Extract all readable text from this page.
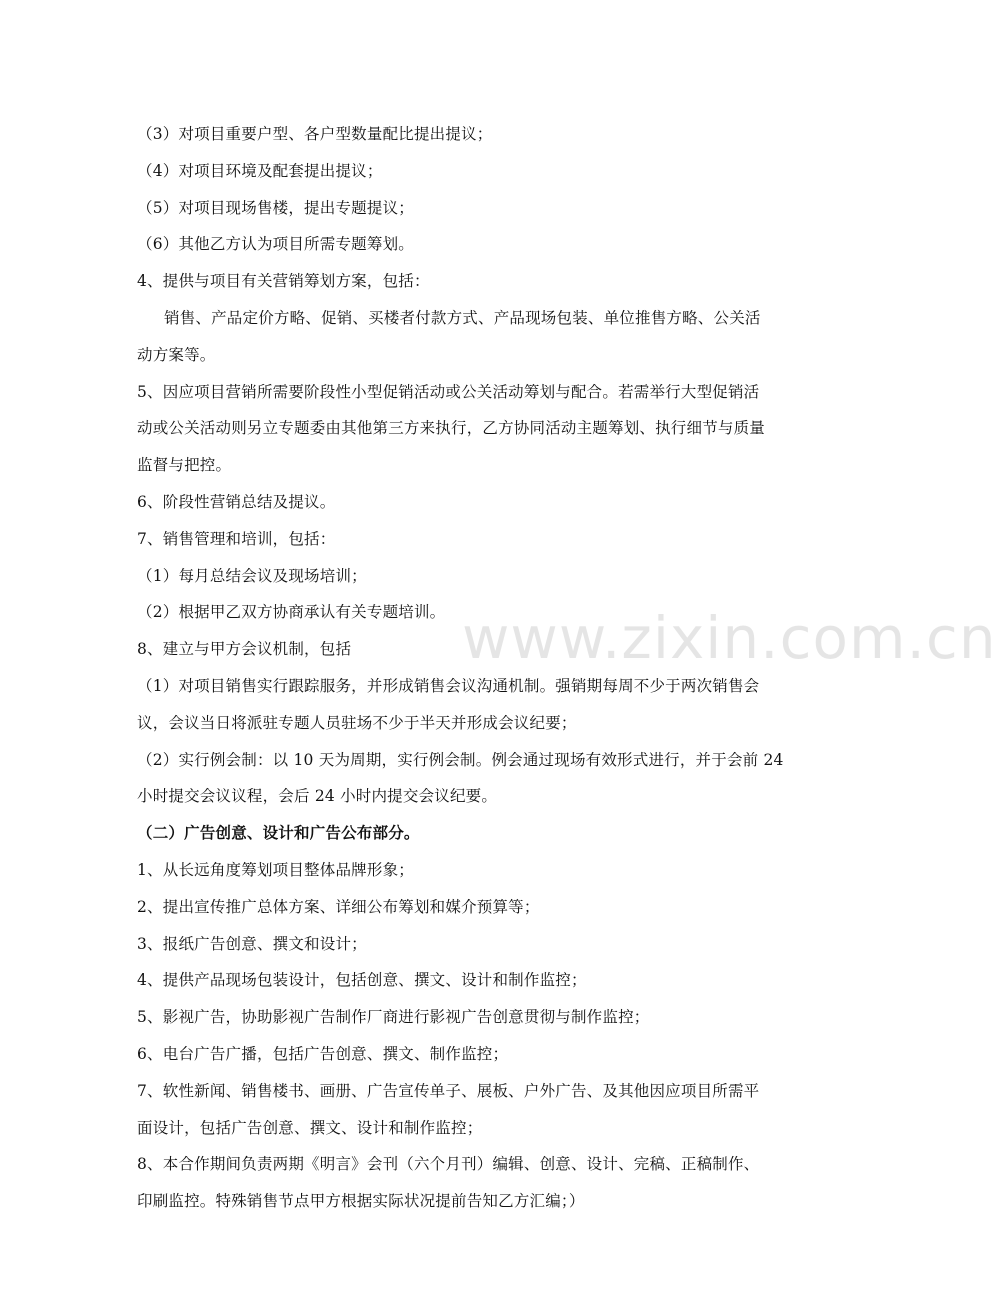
www.zixin.com.cn
（3）对项目重要户型、各户型数量配比提出提议；
（4）对项目环境及配套提出提议；
（5）对项目现场售楼，提出专题提议；
（6）其他乙方认为项目所需专题筹划。
4、提供与项目有关营销筹划方案，包括：
销售、产品定价方略、促销、买楼者付款方式、产品现场包装、单位推售方略、公关活
动方案等。
5、因应项目营销所需要阶段性小型促销活动或公关活动筹划与配合。若需举行大型促销活
动或公关活动则另立专题委由其他第三方来执行，乙方协同活动主题筹划、执行细节与质量
监督与把控。
6、阶段性营销总结及提议。
7、销售管理和培训，包括：
（1）每月总结会议及现场培训；
（2）根据甲乙双方协商承认有关专题培训。
8、建立与甲方会议机制，包括
（1）对项目销售实行跟踪服务，并形成销售会议沟通机制。强销期每周不少于两次销售会
议，会议当日将派驻专题人员驻场不少于半天并形成会议纪要；
（2）实行例会制：以 10 天为周期，实行例会制。例会通过现场有效形式进行，并于会前 24
小时提交会议议程，会后 24 小时内提交会议纪要。
（二）广告创意、设计和广告公布部分。
1、从长远角度筹划项目整体品牌形象；
2、提出宣传推广总体方案、详细公布筹划和媒介预算等；
3、报纸广告创意、撰文和设计；
4、提供产品现场包装设计，包括创意、撰文、设计和制作监控；
5、影视广告，协助影视广告制作厂商进行影视广告创意贯彻与制作监控；
6、电台广告广播，包括广告创意、撰文、制作监控；
7、软性新闻、销售楼书、画册、广告宣传单子、展板、户外广告、及其他因应项目所需平
面设计，包括广告创意、撰文、设计和制作监控；
8、本合作期间负责两期《明言》会刊（六个月刊）编辑、创意、设计、完稿、正稿制作、
印刷监控。特殊销售节点甲方根据实际状况提前告知乙方汇编；）
